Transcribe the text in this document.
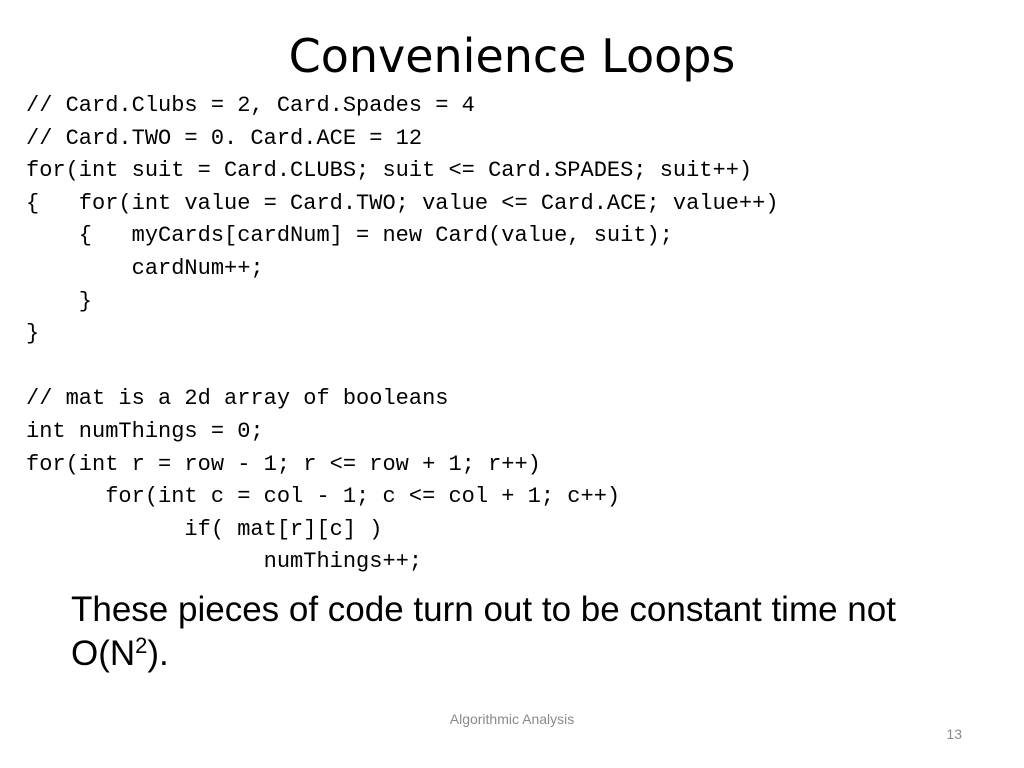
Convenience Loops
// Card.Clubs = 2, Card.Spades = 4
// Card.TWO = 0. Card.ACE = 12
for(int suit = Card.CLUBS; suit <= Card.SPADES; suit++)
{   for(int value = Card.TWO; value <= Card.ACE; value++)
{   myCards[cardNum] = new Card(value, suit);
cardNum++;
}
}
// mat is a 2d array of booleans
int numThings = 0;
for(int r = row - 1; r <= row + 1; r++)
for(int c = col - 1; c <= col + 1; c++)
if( mat[r][c] )
numThings++;

These pieces of code turn out to be constant time not $O(N^2)$.

Algorithmic Analysis
13
